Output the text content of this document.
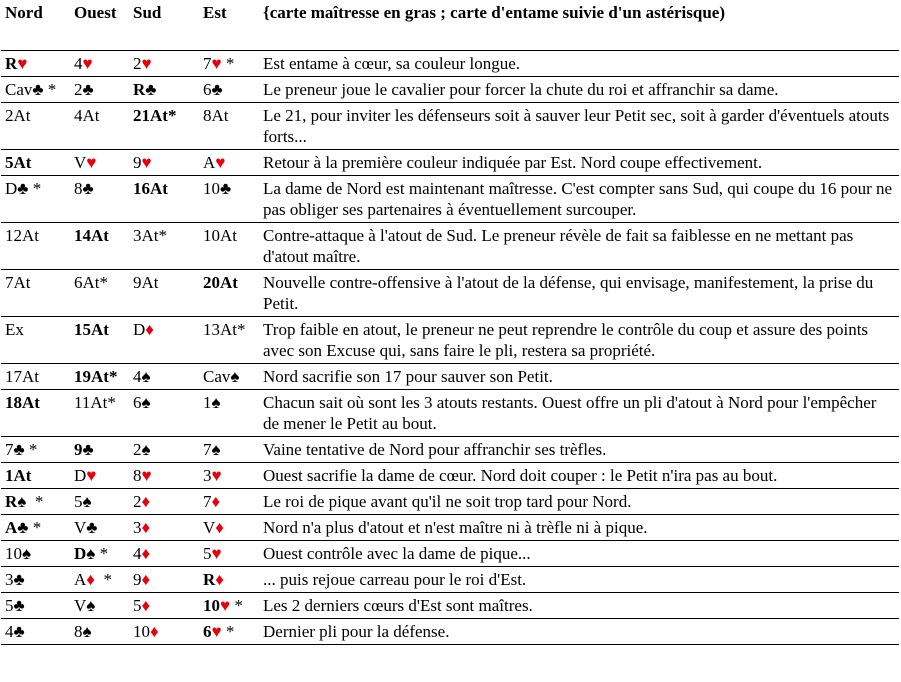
Nord	Ouest	Sud	Est	{carte maîtresse en gras ; carte d'entame suivie d'un astérisque)

R♥	4♥	2♥	7♥ *	Est entame à cœur, sa couleur longue.
Cav♣ *	2♣	R♣	6♣	Le preneur joue le cavalier pour forcer la chute du roi et affranchir sa dame.
2At	4At	21At*	8At	Le 21, pour inviter les défenseurs soit à sauver leur Petit sec, soit à garder d'éventuels atouts forts...
5At	V♥	9♥	A♥	Retour à la première couleur indiquée par Est. Nord coupe effectivement.
D♣ *	8♣	16At	10♣	La dame de Nord est maintenant maîtresse. C'est compter sans Sud, qui coupe du 16 pour ne pas obliger ses partenaires à éventuellement surcouper.
12At	14At	3At*	10At	Contre-attaque à l'atout de Sud. Le preneur révèle de fait sa faiblesse en ne mettant pas d'atout maître.
7At	6At*	9At	20At	Nouvelle contre-offensive à l'atout de la défense, qui envisage, manifestement, la prise du Petit.
Ex	15At	D♦	13At*	Trop faible en atout, le preneur ne peut reprendre le contrôle du coup et assure des points avec son Excuse qui, sans faire le pli, restera sa propriété.
17At	19At*	4♠	Cav♠	Nord sacrifie son 17 pour sauver son Petit.
18At	11At*	6♠	1♠	Chacun sait où sont les 3 atouts restants. Ouest offre un pli d'atout à Nord pour l'empêcher de mener le Petit au bout.
7♣ *	9♣	2♠	7♠	Vaine tentative de Nord pour affranchir ses trèfles.
1At	D♥	8♥	3♥	Ouest sacrifie la dame de cœur. Nord doit couper : le Petit n'ira pas au bout.
R♠  *	5♠	2♦	7♦	Le roi de pique avant qu'il ne soit trop tard pour Nord.
A♣ *	V♣	3♦	V♦	Nord n'a plus d'atout et n'est maître ni à trèfle ni à pique.
10♠	D♠ *	4♦	5♥	Ouest contrôle avec la dame de pique...
3♣	A♦  *	9♦	R♦	... puis rejoue carreau pour le roi d'Est.
5♣	V♠	5♦	10♥ *	Les 2 derniers cœurs d'Est sont maîtres.
4♣	8♠	10♦	6♥ *	Dernier pli pour la défense.
